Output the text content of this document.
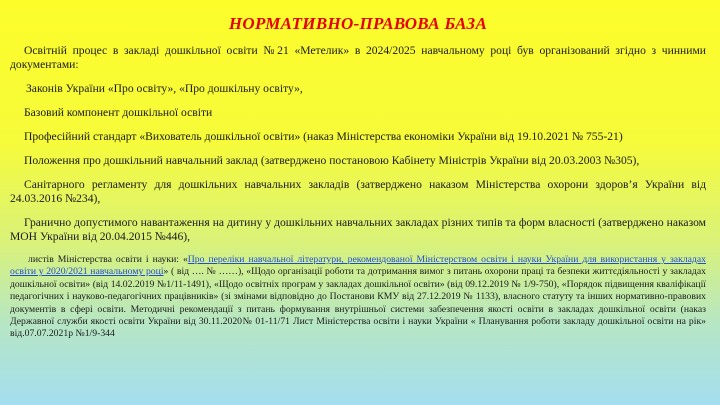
НОРМАТИВНО-ПРАВОВА БАЗА

Освітній процес в закладі дошкільної освіти №21 «Метелик» в 2024/2025 навчальному році був організований згідно з чинними документами:

Законів України «Про освіту», «Про дошкільну освіту»,

Базовий компонент дошкільної освіти

Професійний стандарт «Вихователь дошкільної освіти» (наказ Міністерства економіки України від 19.10.2021 № 755-21)

Положення про дошкільний навчальний заклад (затверджено постановою Кабінету Міністрів України від 20.03.2003 №305),

Санітарного регламенту для дошкільних навчальних закладів (затверджено наказом Міністерства охорони здоров’я України від 24.03.2016 №234),

Гранично допустимого навантаження на дитину у дошкільних навчальних закладах різних типів та форм власності (затверджено наказом МОН України від 20.04.2015 №446),

листів Міністерства освіти і науки: «Про переліки навчальної літератури, рекомендованої Міністерством освіти і науки України для використання у закладах освіти у 2020/2021 навчальному році» ( від …. № ……), «Щодо організації роботи та дотримання вимог з питань охорони праці та безпеки життєдіяльності у закладах дошкільної освіти» (від 14.02.2019 №1/11-1491), «Щодо освітніх програм у закладах дошкільної освіти» (від 09.12.2019 № 1/9-750), «Порядок підвищення кваліфікації педагогічних і науково-педагогічних працівників» (зі змінами відповідно до Постанови КМУ від 27.12.2019 № 1133), власного статуту та інших нормативно-правових документів в сфері освіти. Методичні рекомендації з питань формування внутрішньої системи забезпечення якості освіти в закладах дошкільної освіти (наказ Державної служби якості освіти України від 30.11.2020№ 01-11/71 Лист Міністерства освіти і науки України « Планування роботи закладу дошкільної освіти на рік» від.07.07.2021р №1/9-344
